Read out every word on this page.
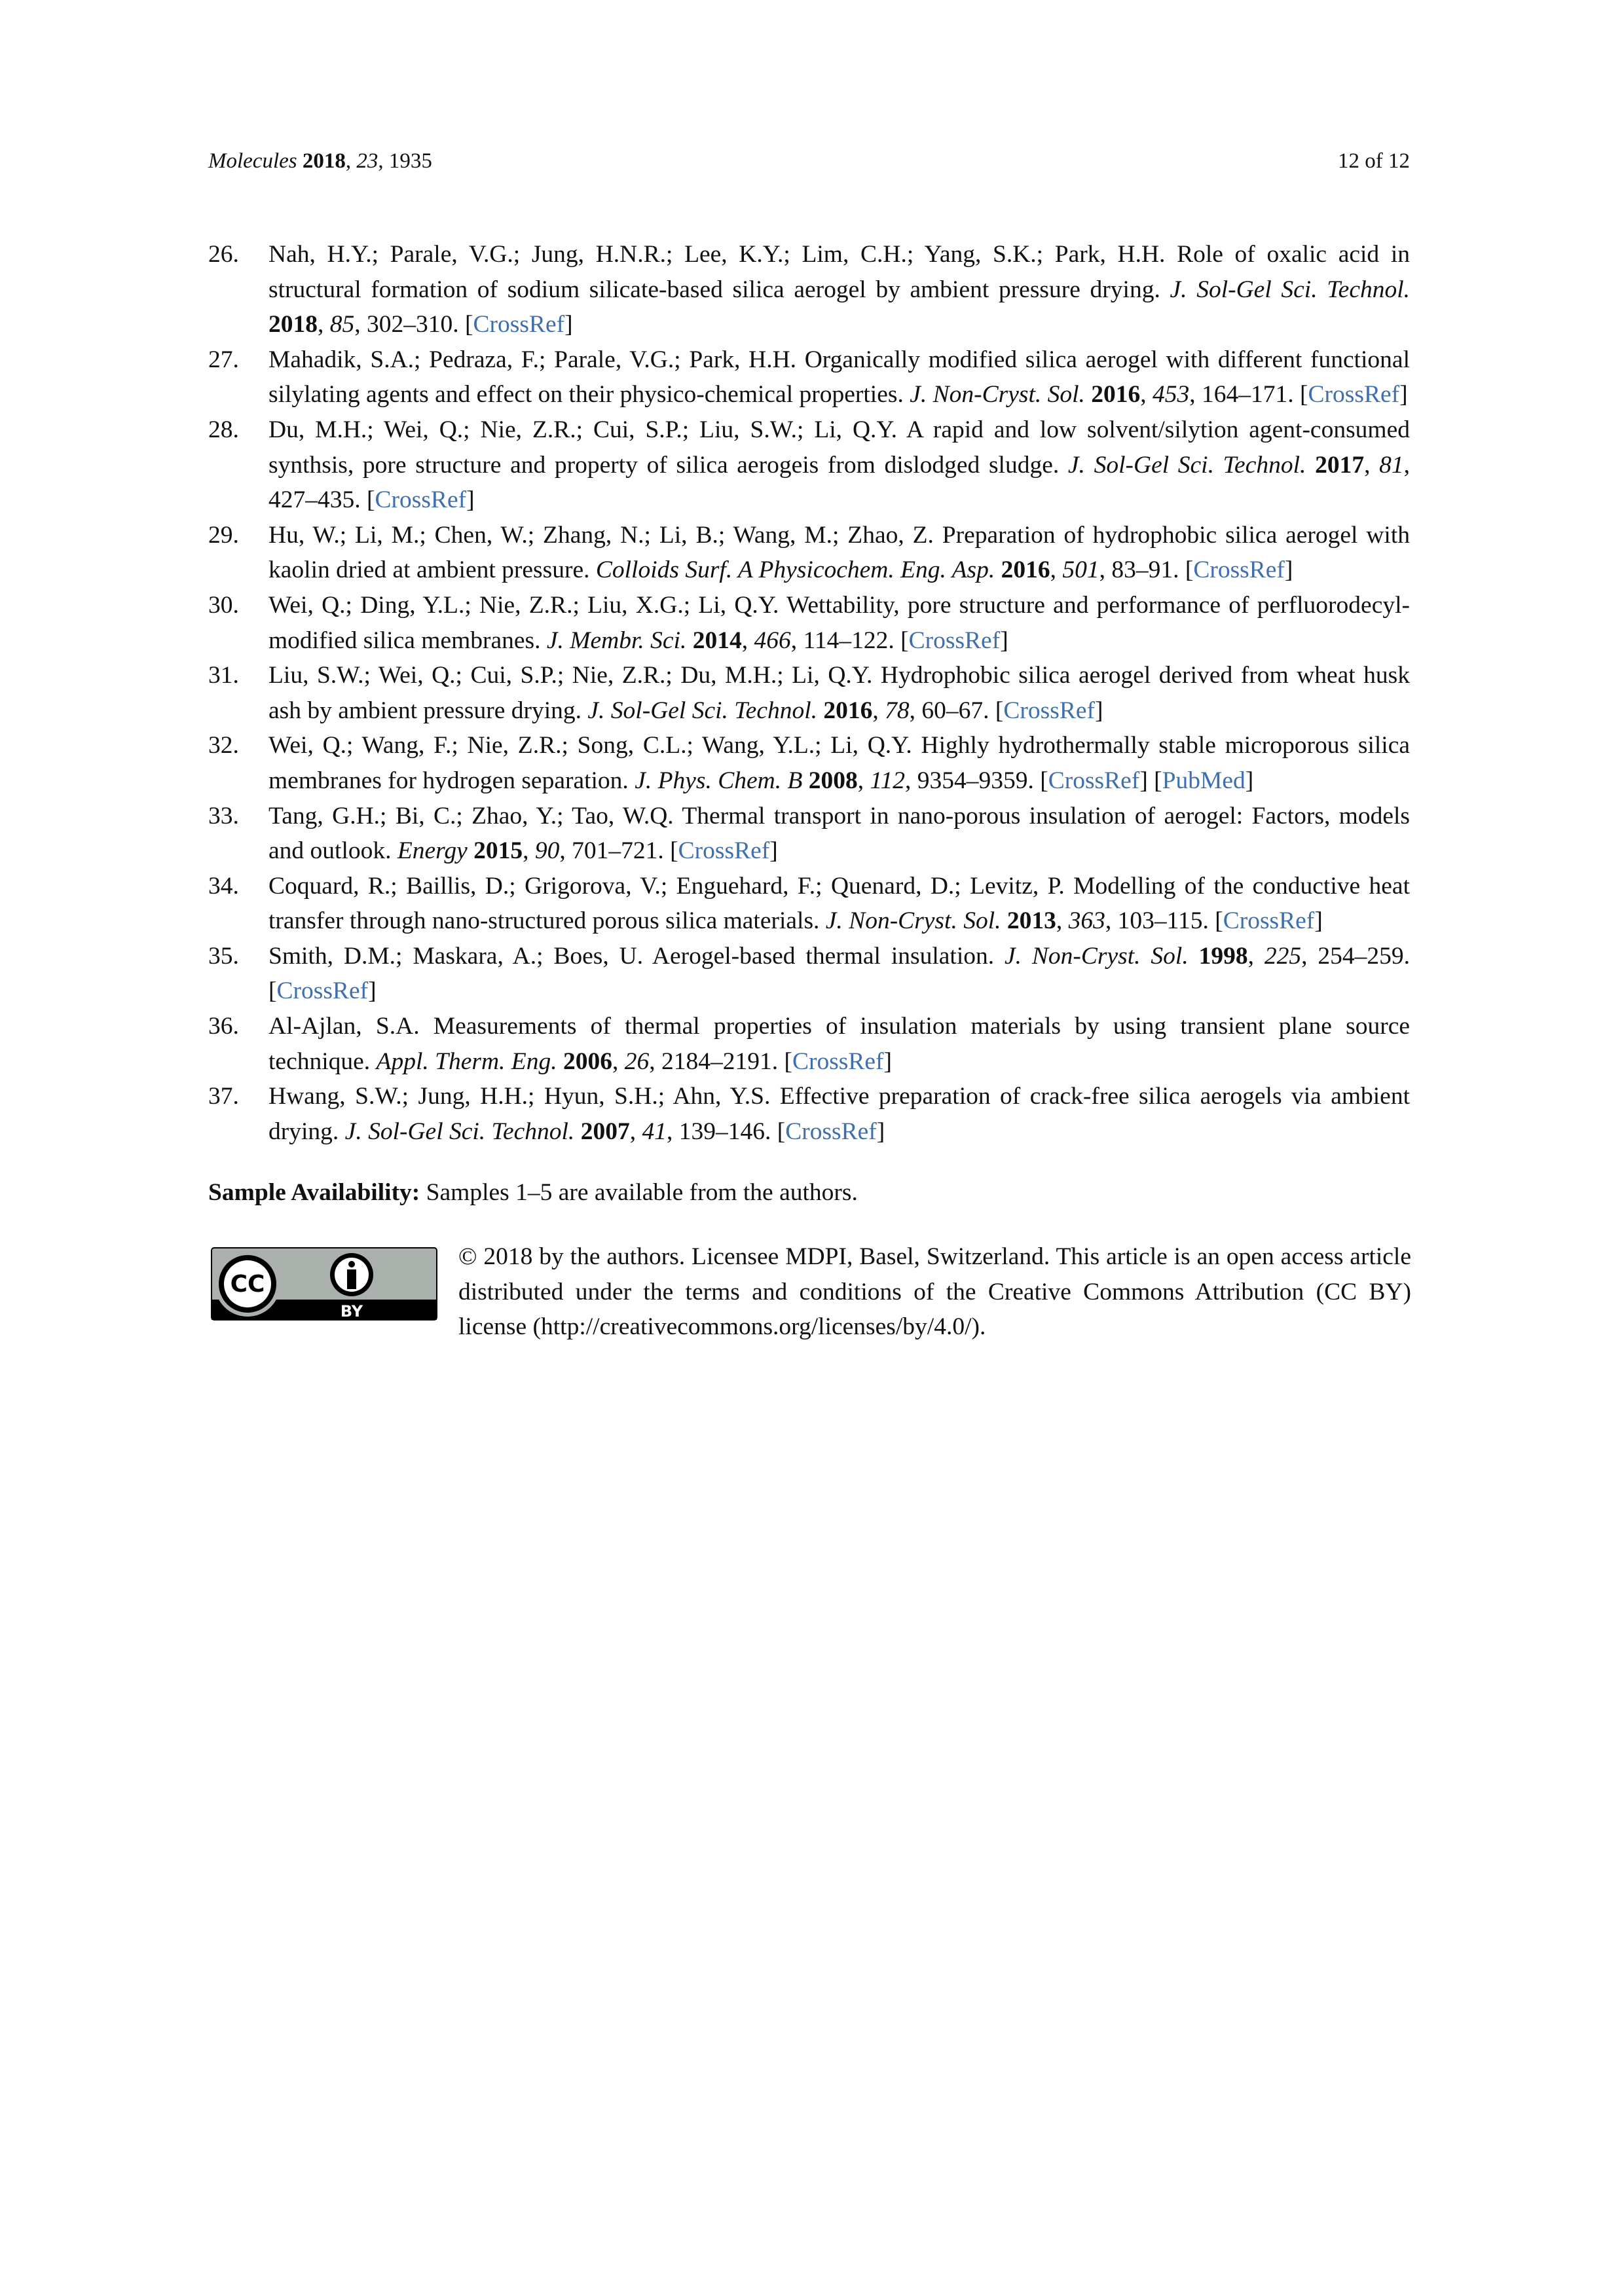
Molecules 2018, 23, 1935	12 of 12
26.	Nah, H.Y.; Parale, V.G.; Jung, H.N.R.; Lee, K.Y.; Lim, C.H.; Yang, S.K.; Park, H.H. Role of oxalic acid in structural formation of sodium silicate-based silica aerogel by ambient pressure drying. J. Sol-Gel Sci. Technol. 2018, 85, 302–310. [CrossRef]
27.	Mahadik, S.A.; Pedraza, F.; Parale, V.G.; Park, H.H. Organically modified silica aerogel with different functional silylating agents and effect on their physico-chemical properties. J. Non-Cryst. Sol. 2016, 453, 164–171. [CrossRef]
28.	Du, M.H.; Wei, Q.; Nie, Z.R.; Cui, S.P.; Liu, S.W.; Li, Q.Y. A rapid and low solvent/silytion agent-consumed synthsis, pore structure and property of silica aerogeis from dislodged sludge. J. Sol-Gel Sci. Technol. 2017, 81, 427–435. [CrossRef]
29.	Hu, W.; Li, M.; Chen, W.; Zhang, N.; Li, B.; Wang, M.; Zhao, Z. Preparation of hydrophobic silica aerogel with kaolin dried at ambient pressure. Colloids Surf. A Physicochem. Eng. Asp. 2016, 501, 83–91. [CrossRef]
30.	Wei, Q.; Ding, Y.L.; Nie, Z.R.; Liu, X.G.; Li, Q.Y. Wettability, pore structure and performance of perfluorodecyl-modified silica membranes. J. Membr. Sci. 2014, 466, 114–122. [CrossRef]
31.	Liu, S.W.; Wei, Q.; Cui, S.P.; Nie, Z.R.; Du, M.H.; Li, Q.Y. Hydrophobic silica aerogel derived from wheat husk ash by ambient pressure drying. J. Sol-Gel Sci. Technol. 2016, 78, 60–67. [CrossRef]
32.	Wei, Q.; Wang, F.; Nie, Z.R.; Song, C.L.; Wang, Y.L.; Li, Q.Y. Highly hydrothermally stable microporous silica membranes for hydrogen separation. J. Phys. Chem. B 2008, 112, 9354–9359. [CrossRef] [PubMed]
33.	Tang, G.H.; Bi, C.; Zhao, Y.; Tao, W.Q. Thermal transport in nano-porous insulation of aerogel: Factors, models and outlook. Energy 2015, 90, 701–721. [CrossRef]
34.	Coquard, R.; Baillis, D.; Grigorova, V.; Enguehard, F.; Quenard, D.; Levitz, P. Modelling of the conductive heat transfer through nano-structured porous silica materials. J. Non-Cryst. Sol. 2013, 363, 103–115. [CrossRef]
35.	Smith, D.M.; Maskara, A.; Boes, U. Aerogel-based thermal insulation. J. Non-Cryst. Sol. 1998, 225, 254–259. [CrossRef]
36.	Al-Ajlan, S.A. Measurements of thermal properties of insulation materials by using transient plane source technique. Appl. Therm. Eng. 2006, 26, 2184–2191. [CrossRef]
37.	Hwang, S.W.; Jung, H.H.; Hyun, S.H.; Ahn, Y.S. Effective preparation of crack-free silica aerogels via ambient drying. J. Sol-Gel Sci. Technol. 2007, 41, 139–146. [CrossRef]
Sample Availability: Samples 1–5 are available from the authors.
CC
BY
© 2018 by the authors. Licensee MDPI, Basel, Switzerland. This article is an open access article distributed under the terms and conditions of the Creative Commons Attribution (CC BY) license (http://creativecommons.org/licenses/by/4.0/).
